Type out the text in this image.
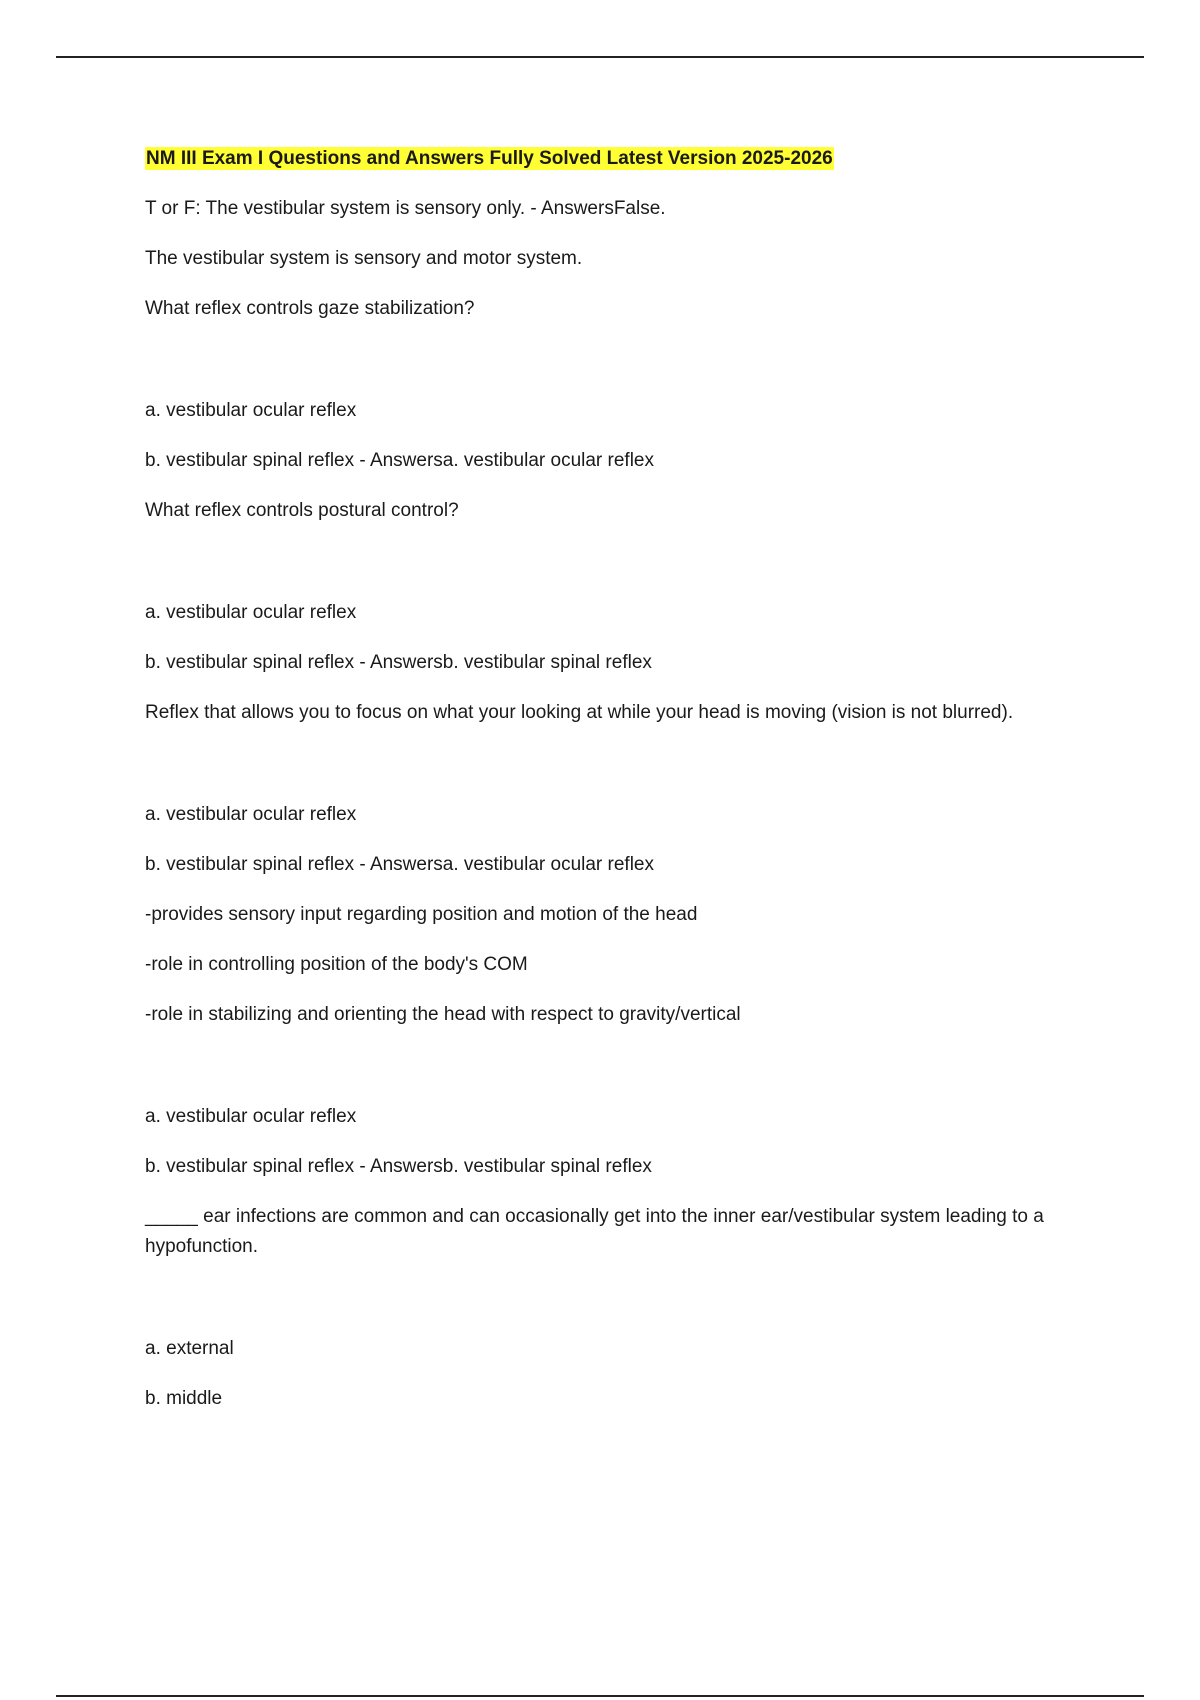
NM III Exam I Questions and Answers Fully Solved Latest Version 2025-2026

T or F: The vestibular system is sensory only. - AnswersFalse.

The vestibular system is sensory and motor system.

What reflex controls gaze stabilization?

a. vestibular ocular reflex

b. vestibular spinal reflex - Answersa. vestibular ocular reflex

What reflex controls postural control?

a. vestibular ocular reflex

b. vestibular spinal reflex - Answersb. vestibular spinal reflex

Reflex that allows you to focus on what your looking at while your head is moving (vision is not blurred).

a. vestibular ocular reflex

b. vestibular spinal reflex - Answersa. vestibular ocular reflex

-provides sensory input regarding position and motion of the head

-role in controlling position of the body's COM

-role in stabilizing and orienting the head with respect to gravity/vertical

a. vestibular ocular reflex

b. vestibular spinal reflex - Answersb. vestibular spinal reflex

_____ ear infections are common and can occasionally get into the inner ear/vestibular system leading to a hypofunction.

a. external

b. middle
